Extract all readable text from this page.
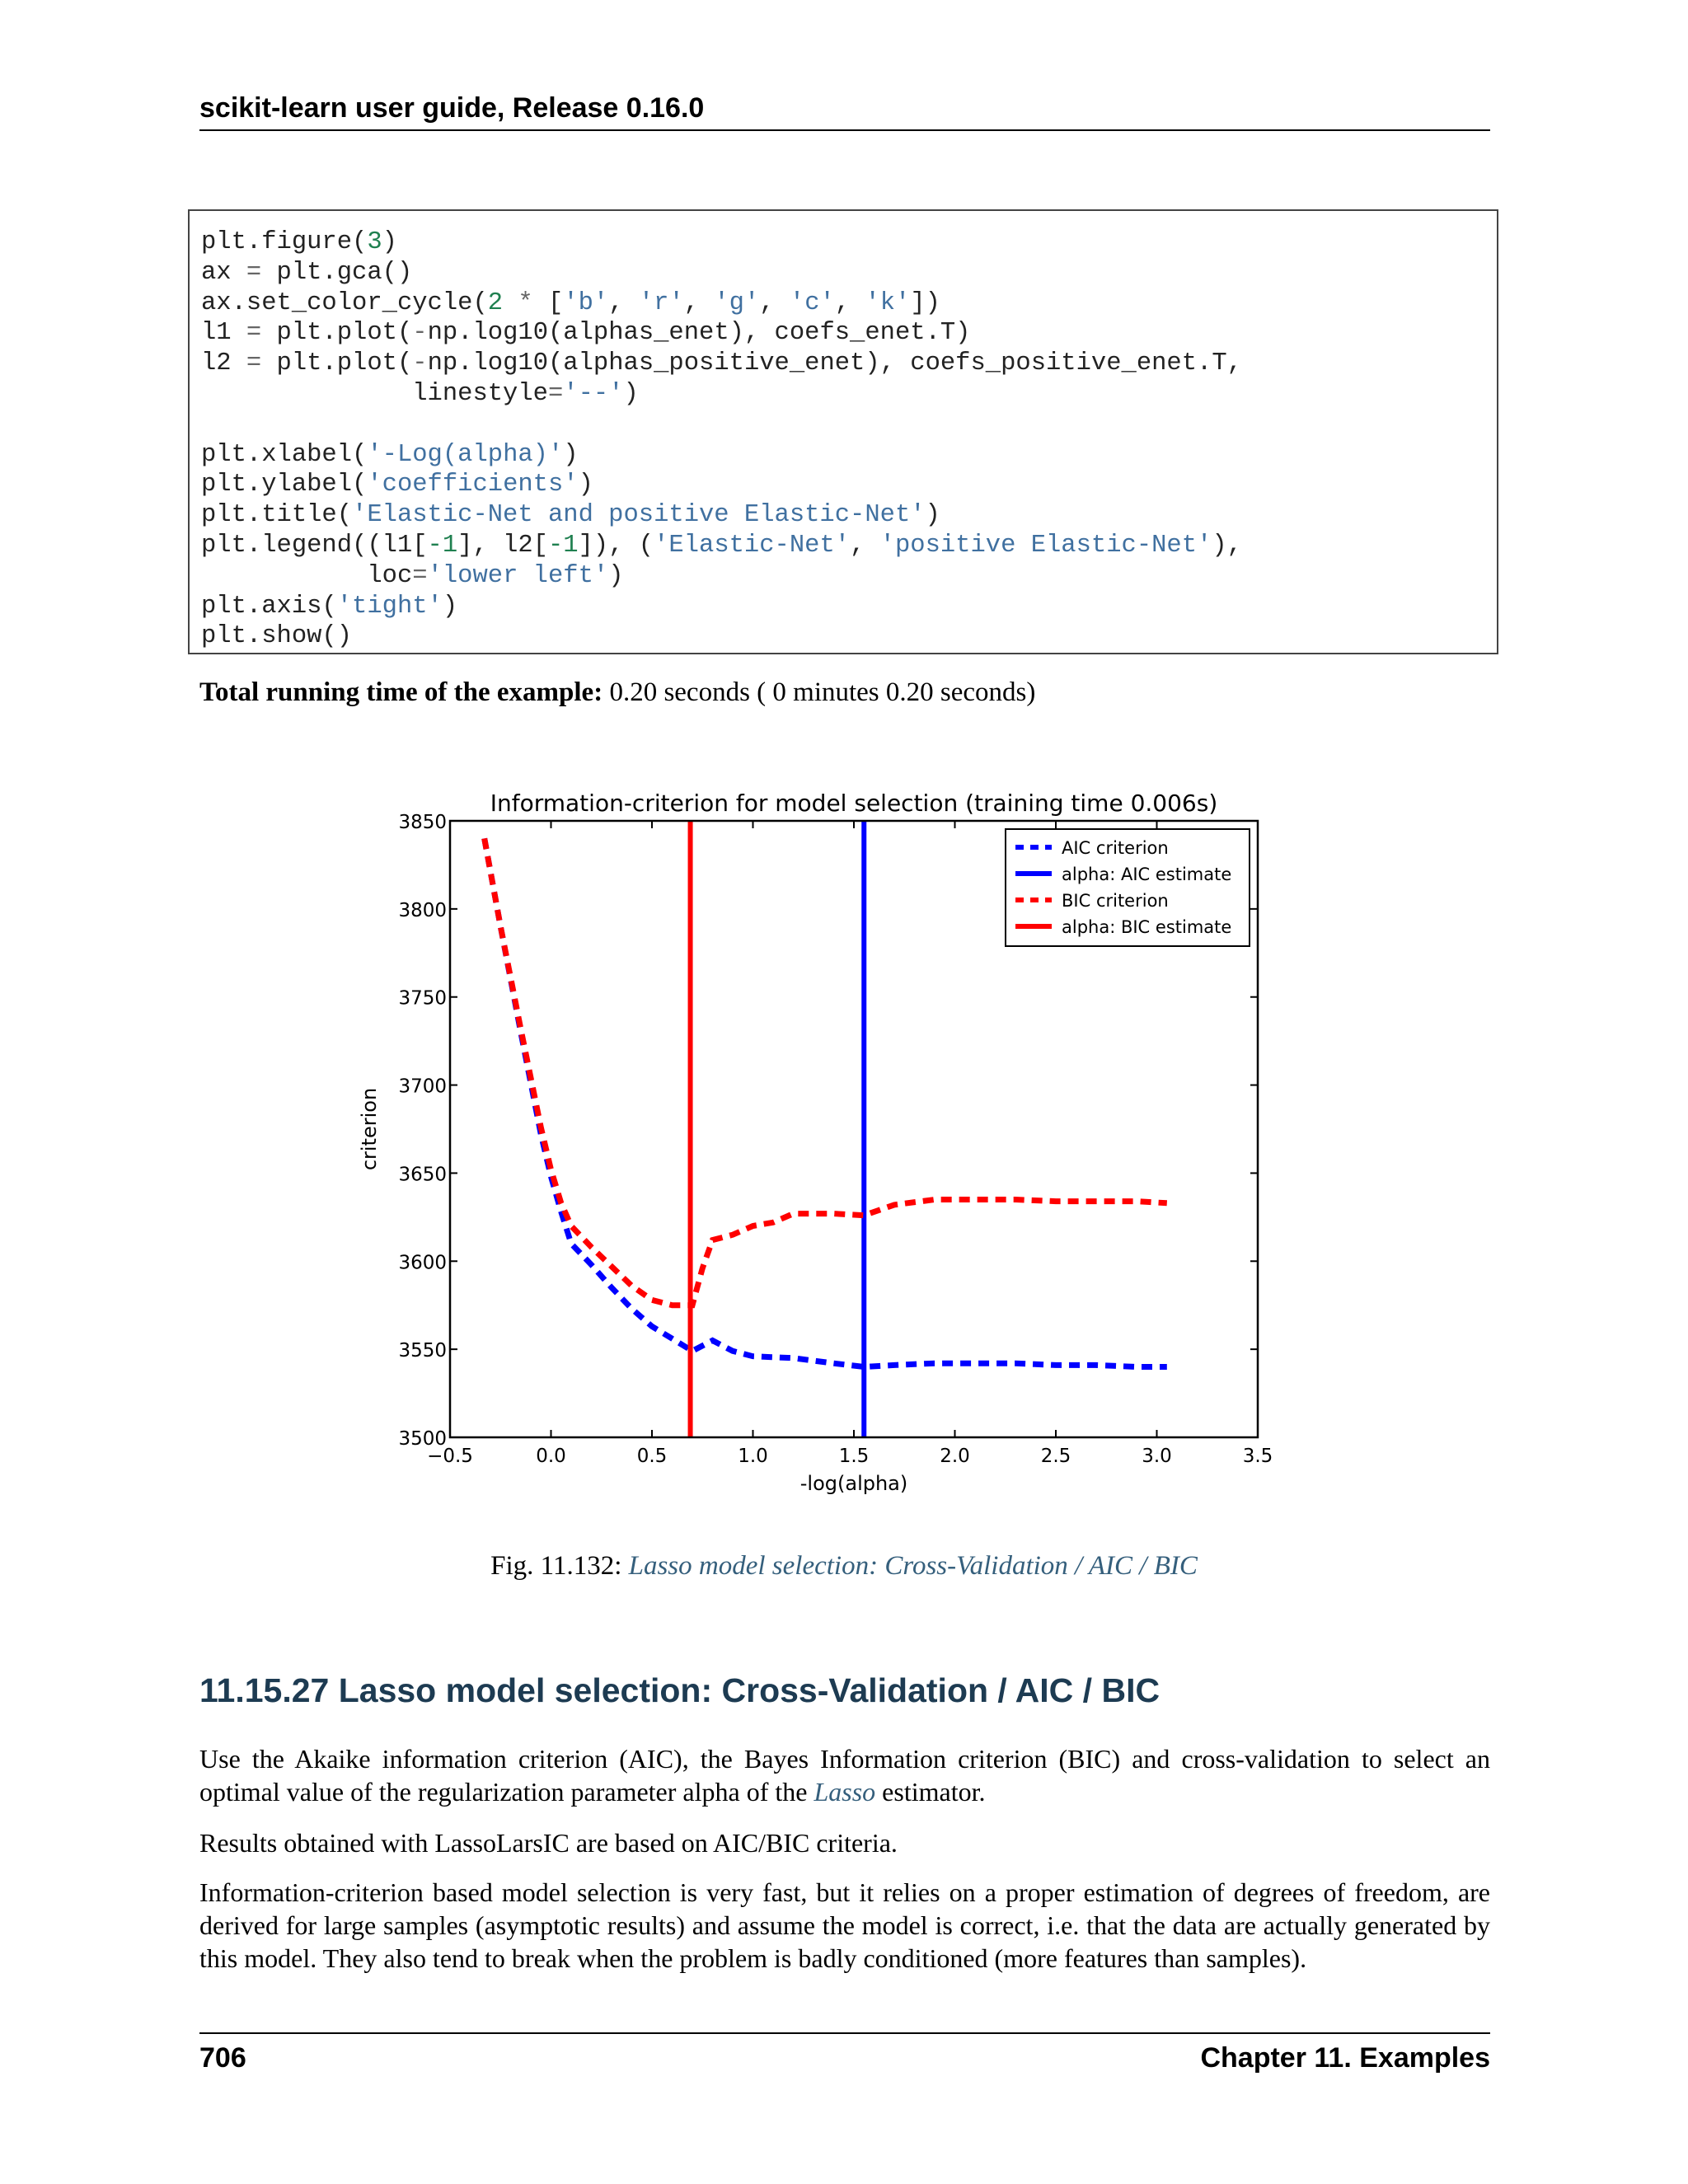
scikit-learn user guide, Release 0.16.0
plt.figure(3)
ax = plt.gca()
ax.set_color_cycle(2 * ['b', 'r', 'g', 'c', 'k'])
l1 = plt.plot(-np.log10(alphas_enet), coefs_enet.T)
l2 = plt.plot(-np.log10(alphas_positive_enet), coefs_positive_enet.T,
linestyle='--')

plt.xlabel('-Log(alpha)')
plt.ylabel('coefficients')
plt.title('Elastic-Net and positive Elastic-Net')
plt.legend((l1[-1], l2[-1]), ('Elastic-Net', 'positive Elastic-Net'),
loc='lower left')
plt.axis('tight')
plt.show()
Total running time of the example: 0.20 seconds ( 0 minutes 0.20 seconds)
Information-criterion for model selection (training time 0.006s)
3500
3550
3600
3650
3700
3750
3800
3850
−0.5	0.0	0.5	1.0	1.5	2.0	2.5	3.0	3.5
-log(alpha)
criterion
AIC criterion
alpha: AIC estimate
BIC criterion
alpha: BIC estimate
Fig. 11.132: Lasso model selection: Cross-Validation / AIC / BIC
11.15.27 Lasso model selection: Cross-Validation / AIC / BIC
Use the Akaike information criterion (AIC), the Bayes Information criterion (BIC) and cross-validation to select an optimal value of the regularization parameter alpha of the Lasso estimator.
Results obtained with LassoLarsIC are based on AIC/BIC criteria.
Information-criterion based model selection is very fast, but it relies on a proper estimation of degrees of freedom, are derived for large samples (asymptotic results) and assume the model is correct, i.e. that the data are actually generated by this model. They also tend to break when the problem is badly conditioned (more features than samples).
706	Chapter 11. Examples
